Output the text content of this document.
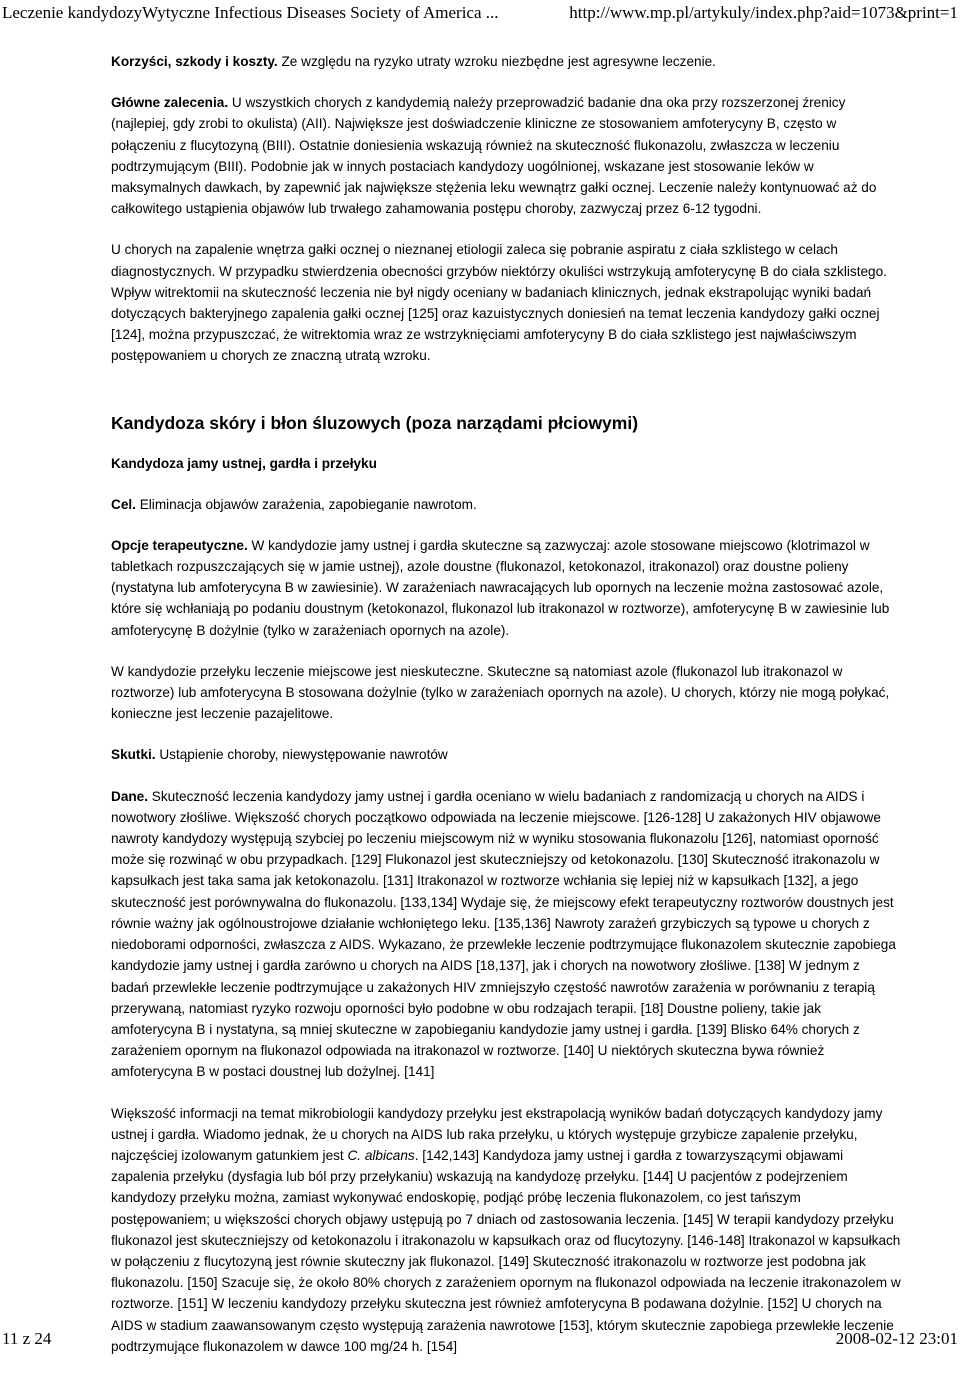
Leczenie kandydozyWytyczne Infectious Diseases Society of America ...	http://www.mp.pl/artykuly/index.php?aid=1073&print=1

Korzyści, szkody i koszty. Ze względu na ryzyko utraty wzroku niezbędne jest agresywne leczenie.

Główne zalecenia. U wszystkich chorych z kandydemią należy przeprowadzić badanie dna oka przy rozszerzonej źrenicy (najlepiej, gdy zrobi to okulista) (AII). Największe jest doświadczenie kliniczne ze stosowaniem amfoterycyny B, często w połączeniu z flucytozyną (BIII). Ostatnie doniesienia wskazują również na skuteczność flukonazolu, zwłaszcza w leczeniu podtrzymującym (BIII). Podobnie jak w innych postaciach kandydozy uogólnionej, wskazane jest stosowanie leków w maksymalnych dawkach, by zapewnić jak największe stężenia leku wewnątrz gałki ocznej. Leczenie należy kontynuować aż do całkowitego ustąpienia objawów lub trwałego zahamowania postępu choroby, zazwyczaj przez 6-12 tygodni.

U chorych na zapalenie wnętrza gałki ocznej o nieznanej etiologii zaleca się pobranie aspiratu z ciała szklistego w celach diagnostycznych. W przypadku stwierdzenia obecności grzybów niektórzy okuliści wstrzykują amfoterycynę B do ciała szklistego. Wpływ witrektomii na skuteczność leczenia nie był nigdy oceniany w badaniach klinicznych, jednak ekstrapolując wyniki badań dotyczących bakteryjnego zapalenia gałki ocznej [125] oraz kazuistycznych doniesień na temat leczenia kandydozy gałki ocznej [124], można przypuszczać, że witrektomia wraz ze wstrzyknięciami amfoterycyny B do ciała szklistego jest najwłaściwszym postępowaniem u chorych ze znaczną utratą wzroku.

Kandydoza skóry i błon śluzowych (poza narządami płciowymi)
Kandydoza jamy ustnej, gardła i przełyku

Cel. Eliminacja objawów zarażenia, zapobieganie nawrotom.

Opcje terapeutyczne. W kandydozie jamy ustnej i gardła skuteczne są zazwyczaj: azole stosowane miejscowo (klotrimazol w tabletkach rozpuszczających się w jamie ustnej), azole doustne (flukonazol, ketokonazol, itrakonazol) oraz doustne polieny (nystatyna lub amfoterycyna B w zawiesinie). W zarażeniach nawracających lub opornych na leczenie można zastosować azole, które się wchłaniają po podaniu doustnym (ketokonazol, flukonazol lub itrakonazol w roztworze), amfoterycynę B w zawiesinie lub amfoterycynę B dożylnie (tylko w zarażeniach opornych na azole).

W kandydozie przełyku leczenie miejscowe jest nieskuteczne. Skuteczne są natomiast azole (flukonazol lub itrakonazol w roztworze) lub amfoterycyna B stosowana dożylnie (tylko w zarażeniach opornych na azole). U chorych, którzy nie mogą połykać, konieczne jest leczenie pazajelitowe.

Skutki. Ustąpienie choroby, niewystępowanie nawrotów

Dane. Skuteczność leczenia kandydozy jamy ustnej i gardła oceniano w wielu badaniach z randomizacją u chorych na AIDS i nowotwory złośliwe. Większość chorych początkowo odpowiada na leczenie miejscowe. [126-128] U zakażonych HIV objawowe nawroty kandydozy występują szybciej po leczeniu miejscowym niż w wyniku stosowania flukonazolu [126], natomiast oporność może się rozwinąć w obu przypadkach. [129] Flukonazol jest skuteczniejszy od ketokonazolu. [130] Skuteczność itrakonazolu w kapsułkach jest taka sama jak ketokonazolu. [131] Itrakonazol w roztworze wchłania się lepiej niż w kapsułkach [132], a jego skuteczność jest porównywalna do flukonazolu. [133,134] Wydaje się, że miejscowy efekt terapeutyczny roztworów doustnych jest równie ważny jak ogólnoustrojowe działanie wchłoniętego leku. [135,136] Nawroty zarażeń grzybiczych są typowe u chorych z niedoborami odporności, zwłaszcza z AIDS. Wykazano, że przewlekłe leczenie podtrzymujące flukonazolem skutecznie zapobiega kandydozie jamy ustnej i gardła zarówno u chorych na AIDS [18,137], jak i chorych na nowotwory złośliwe. [138] W jednym z badań przewlekłe leczenie podtrzymujące u zakażonych HIV zmniejszyło częstość nawrotów zarażenia w porównaniu z terapią przerywaną, natomiast ryzyko rozwoju oporności było podobne w obu rodzajach terapii. [18] Doustne polieny, takie jak amfoterycyna B i nystatyna, są mniej skuteczne w zapobieganiu kandydozie jamy ustnej i gardła. [139] Blisko 64% chorych z zarażeniem opornym na flukonazol odpowiada na itrakonazol w roztworze. [140] U niektórych skuteczna bywa również amfoterycyna B w postaci doustnej lub dożylnej. [141]

Większość informacji na temat mikrobiologii kandydozy przełyku jest ekstrapolacją wyników badań dotyczących kandydozy jamy ustnej i gardła. Wiadomo jednak, że u chorych na AIDS lub raka przełyku, u których występuje grzybicze zapalenie przełyku, najczęściej izolowanym gatunkiem jest C. albicans. [142,143] Kandydoza jamy ustnej i gardła z towarzyszącymi objawami zapalenia przełyku (dysfagia lub ból przy przełykaniu) wskazują na kandydozę przełyku. [144] U pacjentów z podejrzeniem kandydozy przełyku można, zamiast wykonywać endoskopię, podjąć próbę leczenia flukonazolem, co jest tańszym postępowaniem; u większości chorych objawy ustępują po 7 dniach od zastosowania leczenia. [145] W terapii kandydozy przełyku flukonazol jest skuteczniejszy od ketokonazolu i itrakonazolu w kapsułkach oraz od flucytozyny. [146-148] Itrakonazol w kapsułkach w połączeniu z flucytozyną jest równie skuteczny jak flukonazol. [149] Skuteczność itrakonazolu w roztworze jest podobna jak flukonazolu. [150] Szacuje się, że około 80% chorych z zarażeniem opornym na flukonazol odpowiada na leczenie itrakonazolem w roztworze. [151] W leczeniu kandydozy przełyku skuteczna jest również amfoterycyna B podawana dożylnie. [152] U chorych na AIDS w stadium zaawansowanym często występują zarażenia nawrotowe [153], którym skutecznie zapobiega przewlekłe leczenie podtrzymujące flukonazolem w dawce 100 mg/24 h. [154]

11 z 24	2008-02-12 23:01
